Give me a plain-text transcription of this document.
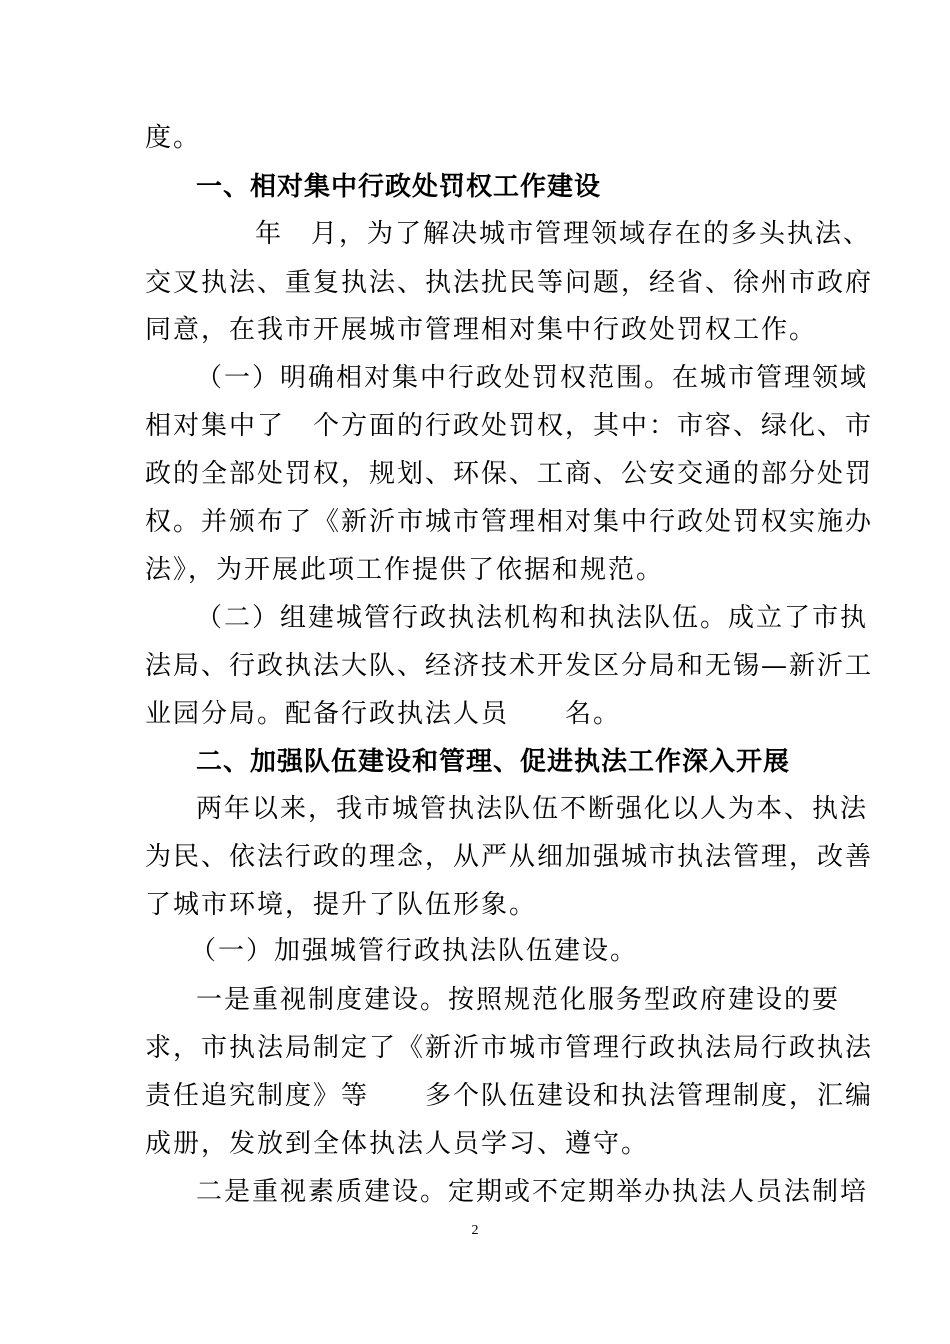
度。
一、相对集中行政处罚权工作建设
年　月，为了解决城市管理领域存在的多头执法、
交叉执法、重复执法、执法扰民等问题，经省、徐州市政府
同意，在我市开展城市管理相对集中行政处罚权工作。
（一）明确相对集中行政处罚权范围。在城市管理领域
相对集中了　个方面的行政处罚权，其中：市容、绿化、市
政的全部处罚权，规划、环保、工商、公安交通的部分处罚
权。并颁布了《新沂市城市管理相对集中行政处罚权实施办
法》，为开展此项工作提供了依据和规范。
（二）组建城管行政执法机构和执法队伍。成立了市执
法局、行政执法大队、经济技术开发区分局和无锡—新沂工
业园分局。配备行政执法人员　　名。
二、加强队伍建设和管理、促进执法工作深入开展
两年以来，我市城管执法队伍不断强化以人为本、执法
为民、依法行政的理念，从严从细加强城市执法管理，改善
了城市环境，提升了队伍形象。
（一）加强城管行政执法队伍建设。
一是重视制度建设。按照规范化服务型政府建设的要
求，市执法局制定了《新沂市城市管理行政执法局行政执法
责任追究制度》等　　多个队伍建设和执法管理制度，汇编
成册，发放到全体执法人员学习、遵守。
二是重视素质建设。定期或不定期举办执法人员法制培
2
